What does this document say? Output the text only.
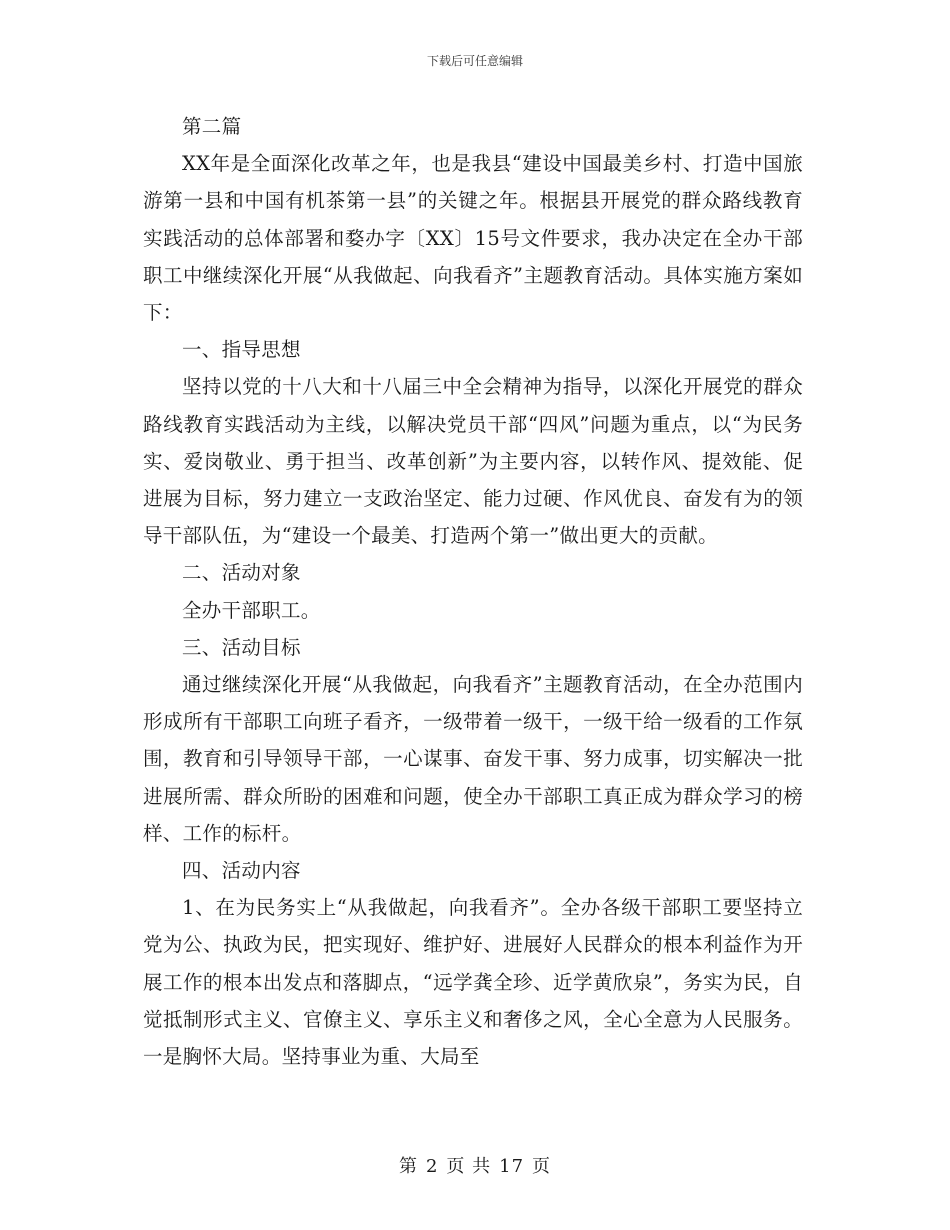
下载后可任意编辑

第二篇

XX年是全面深化改革之年，也是我县“建设中国最美乡村、打造中国旅游第一县和中国有机茶第一县”的关键之年。根据县开展党的群众路线教育实践活动的总体部署和婺办字〔XX〕15号文件要求，我办决定在全办干部职工中继续深化开展“从我做起、向我看齐”主题教育活动。具体实施方案如下：

一、指导思想

坚持以党的十八大和十八届三中全会精神为指导，以深化开展党的群众路线教育实践活动为主线，以解决党员干部“四风”问题为重点，以“为民务实、爱岗敬业、勇于担当、改革创新”为主要内容，以转作风、提效能、促进展为目标，努力建立一支政治坚定、能力过硬、作风优良、奋发有为的领导干部队伍，为“建设一个最美、打造两个第一”做出更大的贡献。

二、活动对象

全办干部职工。

三、活动目标

通过继续深化开展“从我做起，向我看齐”主题教育活动，在全办范围内形成所有干部职工向班子看齐，一级带着一级干，一级干给一级看的工作氛围，教育和引导领导干部，一心谋事、奋发干事、努力成事，切实解决一批进展所需、群众所盼的困难和问题，使全办干部职工真正成为群众学习的榜样、工作的标杆。

四、活动内容

1、在为民务实上“从我做起，向我看齐”。全办各级干部职工要坚持立党为公、执政为民，把实现好、维护好、进展好人民群众的根本利益作为开展工作的根本出发点和落脚点，“远学龚全珍、近学黄欣泉”，务实为民，自觉抵制形式主义、官僚主义、享乐主义和奢侈之风，全心全意为人民服务。一是胸怀大局。坚持事业为重、大局至

第 2 页 共 17 页
